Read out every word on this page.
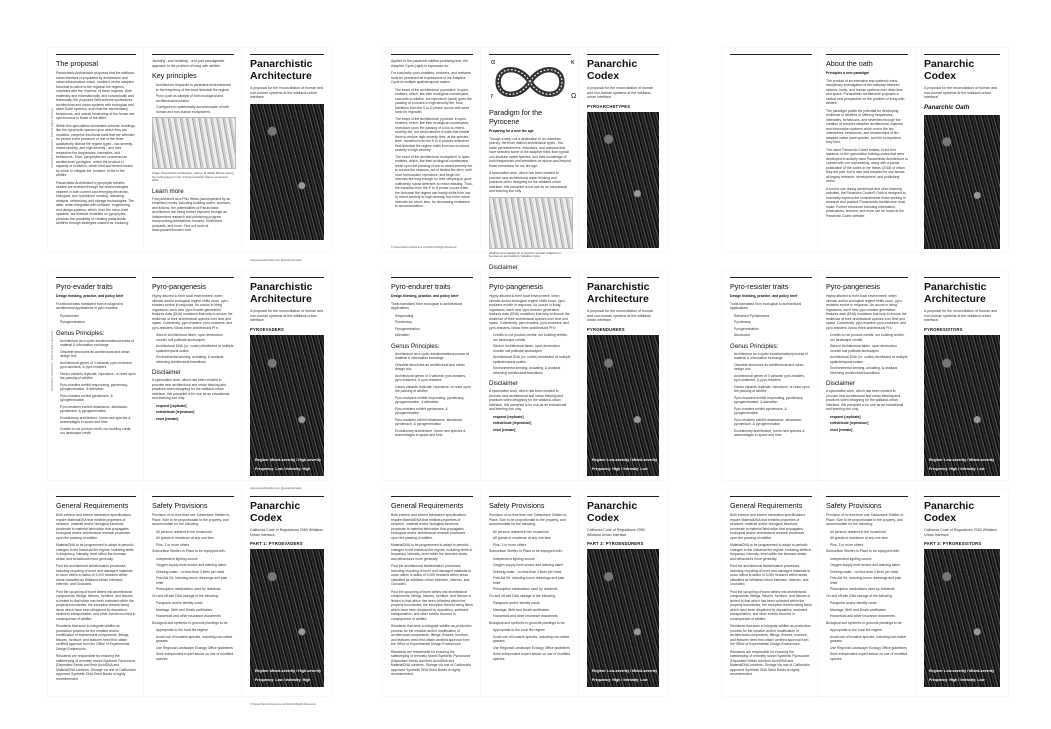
The proposal
Panarchistic Architecture proposes that the wildland-urban interface is populated by architecture and urban infrastructure which, modeled on the adapted flora that is native to the regional fire regimes, coexistes with the 'rhythms' of these regimes. Both materially and informationally, and conceptually and technically, the proposed Wild scheme synthesizes architectural and urban systems with ecological and wider Earth systems, such that the biochemistry, behaviours, and overall functioning of the former are synchronous to those of the latter.
Within this speculative biomimetic scheme, buildings, like the pyrophytic species upon which they are modeled, comprise functional traits that are selected for persist in the presence of one of the three qualitatively distinct fire regime types - low-severity, mixed-severity, and high-severity - and their respective fire frequencies, intensities, and behaviours. Thus, pyrophytes are conceived as architectural 'pyrotypes', which the product of capacity of evolution, which tried and tested means by which to mitigate the 'problem' of fire in the wildfire.
Panarchistic Architecture's pyrophytic mimetic studies are enabled through the biotechnologies inherent in both current and emerging electronic, biological, and 'hybridized' sensing, actuating, analysis, networking, and storage technologies. The latter, when integrated with software, engineering, and design systems, which, from the micro-level upwards, are likewise modelled on pyrophytes, presents the possibility of creating panarchistic wildfires through strategies classed as 'enduring',
Panarchistic Architecture - 2020 All Rights Reserved
'avoiding', and 'resisting' - a tri-part paradigmatic approach to the problem of living with wildfire.
Key principles
Architecture responds to persistent environmental to the frequency of the local historical fire regime.
Pyric cycle as catalyst of both ecological and architectural evolution.
Configured to systemically accommodate of both human and non-human ecosystems.
Image: Panarchistic Architecture. Gartner M (2020) Ritchie seeing the inviting layout in the of incremental fire Nature conference 2019.
Learn more
First published as a PhD thesis (accompanied by an exhibition) works 'including building codes, sciences, and fictions, the potentialities of Panarchistic Architecture are being further explored through an independent research and publishing program incorporating publications, lectures, exhibitions, podcasts, and more. Find out more at www.panarchiccodex.com.
Panarchistic Architecture
A proposal for the reconciliation of human and non-human systems at the wildland-urban interface.
www.panarchiccodex.com @panarchiccodex
Applied to the panarchic wildfire-persisting tree, the Adaptive Cycle (right) is expressed as:
For succinctly, pyro-enablers, endurers, and resisters must be perceived as expressions of the Adaptive Cycle of multiple spatiotemporal scales.
The exact of the architectural 'pyroriders' in open-endeers, which, like their ecological counterparts, succumb to wildfire, but reproduce (seed) given the pausing of a means to high-severity fire, thus, transition from the K to Ω phase occurs with seed bank for regrowth;
The exact of the architectural 'pyroiods' in open-endeers, which, like their ecological counterparts, reproduce upon the passing of a low-to-mixed-severity fire, but which absent of traits that enable them to endure high-severity fires, at the species-level, transition from the K to Ω phases whenever that historical fire regime shifts from low-to-mixed-severity to high-severity;
The exact of the architectural 'ecosystem' in open-endeers, which, like their ecological counterparts, resist upon the passing of low-to-mixed-severity fire to survive the seasons, but of limited fire-term, until once surrounded, reproduce, and begin the intervals are long enough for their offspring to grow sufficiently robust defenses to resist resisting. Thus, the transition from the K to Ω phase occurs when the historical fire regime can hardly shifts from low to mixed-severity to high-severity, but in the return intervals too short, also, for decreasing resistance to accommodation.
© Panarchistic Architecture Ltd 2020 All Rights Reserved
α	κ
r	Ω
Paradigm for the Pyrocene
Preparing for a new fire age
Though a step, not a destination in an uncertain journey, the three distinct architectural types - fire-scale pyroreinforcers, defensors, and resistors that have selected some of the adaptive traits from typical non-invasive native species, and their knowledge of both frequencies and intensities for above-and-beyond those formations for our fire age.
A speculative work, which has been created to provoke new architectural-urban thinking and practices-when designing for the wildland-urban interface, this pamphlet is not use as an educational and learning tool only.
Wildfires as a catalyst for ecosystem renewal: Adapted on Gunderson and Holling's 'Adaptive Cycle'.
Disclaimer
Panarchic Codex
A proposal for the reconciliation of human and non-human systems at the wildland-urban interface.
PYROARCHETYPES
About the oath
Principles a new paradigm
The product of an extensive and systemic trans-disciplinary investigation of the interplay between species, biotic, and human systems over deep time and space, Panarchistic Architecture proposes a radical new perspective on the problem of living with wildfire.
The paradigm posits the potential for developing resilience to wildfires of differing frequencies, intensities, behaviours, and severities through the creation of complex adaptive architectural, material, and information systems which mirror the bio-chemistries, behaviours, and relationships of fire-adapted native plant species, and the ecosystems they form.
The name Panarchic Codex relates, in the first instance, to the speculative building codes that were developed to actively have Panarchistic Architecture to coexist with one successfully, along with a partial publication of the codes in the thesis (2018) of which they are part, but is also was adopted for use across all legacy research, development, and publishing works.
A tool for use during workshops and other learning activities, the Panarchic Crutter® Oath is designed to succinctly express the commitments those seeking to research and practice Panarchistic Architecture must make. Further resources including information, publications, lectures, and more can be found at the Panarchic Codex website.
Panarchic Codex
A proposal for the reconciliation of human and non-human systems at the wildland-urban interface.
Panarchic Oath
Pyro-evader traits
Design thinking, practice, and policy brief
Functional traits translated from ecological to architectural applications in pyro-evaders
Pyrodormice
Pyrogermination
Genus Principles:
Architecture as a cyclic transformation/process of material & information exchange
Obsolete structures as architectural and urban design tool
Architectural genes of 3 variants: pyro-endurers, pyro-avoiders, & pyro-resisters
Genus variants replicate, reproduce, or reset upon the passing of wildfire
Pyro-evaders exhibit resprouting, pyrotenacy, pyrogermination, & alteration
Pyro-evaders exhibit pyrotenace, & pyrogermination
Pyro-resisters exhibit rebarkance, abscission, pyrotenace, & pyrogermination
Evolutionary architecture, forms new species & assemblages in space and time
Credits to not product credit, nor building credit, nor landscape credit
Panarchistic Architecture - 2020 All Rights Reserved
Pyro-pangenesis
Highly attuned to their local environment, when climatic and/or ecological regime shifts occur, pyro-evaders evolve in response. As occurs in living organisms, each new 'pyro-evader generation' features data (DNA) mutations that help to ensure the resilience of their architectural species over time and space. Collectively, pyro-evaders, pyro-endurers, and pyro-resisters, follow three architectural PI's:
Sites in Architectural fabric: upon destruction nourish soil pollinate landscapes
Architectural DNA (i.e. codex) distributed at multiple spatiotemporal scales
Environmental sensing, actuating, & analysis informing architectural transitions
Disclaimer
A speculative work, which has been created to provoke new architectural and urban thinking and practices when designing for the wildland-urban interface, this pamphlet is for use as an educational and learning tool only.
respond [replicate]
redistribute [reproduce]
reset [remain]
Panarchistic Architecture
A proposal for the reconciliation of human and non-human systems at the wildland-urban interface.
PYROEVADERS
Regime: Mixed-severity / High-severity
Frequency: Low / Intensity: High
www.panarchiccodex.com @panarchiccodex
Pyro-endurer traits
Design thinking, practice, and policy brief
Traits translated from ecological to architectural applications
Resprouting
Pyrotenacy
Pyrogermination
Alteration
Genus Principles:
Architecture as a cyclic transformation/process of material & information exchange
Obsolete structures as architectural and urban design tool
Architectural genes of 3 variants: pyro-evaders, pyro-endurers, & pyro-resisters
Genus variants replicate, reproduce, or reset upon the passing of wildfire
Pyro-endurers exhibit resprouting, pyrotenacy, pyrogermination, & alteration
Pyro-evaders exhibit pyrotenace, & pyrogermination
Pyro-resisters exhibit rebarkance, abscission, pyrotenace, & pyrogermination
Evolutionary architecture, forms new species & assemblages in space and time
Pyro-pangenesis
Highly attuned to their local environment, when climatic and/or ecological regime shifts occur, pyro-endurers evolve in response. As occurs in living organisms, each new 'pyro-endurer generation' features data (DNA) mutations that help to ensure the resilience of their architectural species over time and space. Collectively, pyro-evaders, pyro-endurers, and pyro-resisters, follow three architectural PI's:
Credits to not product credits, nor building credits, nor landscape credits
Sites in Architectural fabric: upon destruction nourish soil pollinate landscapes
Architectural DNA (i.e. codex) distributed at multiple spatiotemporal scales
Environmental sensing, actuating, & analysis informing architectural transitions
Disclaimer
A speculative work, which has been created to provoke new architectural and urban thinking and practices when designing for the wildland-urban interface, this pamphlet is for use as an educational and learning tool only.
respond [replicate]
redistribute [reproduce]
reset [remain]
Panarchistic Architecture
A proposal for the reconciliation of human and non-human systems at the wildland-urban interface.
PYROENDURERS
Regime: Low-severity / Mixed-severity
Frequency: High / Intensity: Low
Pyro-resister traits
Design thinking, practice, and policy brief
Traits translated from ecological to architectural applications
Rebarked Pyrosheaves
Pyrotenacy
Pyrogermination
Abscission
Genus Principles:
Architecture as a cyclic transformation/process of material & information exchange
Obsolete structures as architectural and urban design tool
Architectural genes of 3 variants: pyro-evaders, pyro-endurers, & pyro-resisters
Genus variants replicate, reproduce, or reset upon the passing of wildfire
Pyro-endurers exhibit resprouting, pyrotenacy, pyrogermination, & alteration
Pyro-evaders exhibit pyrotenace, & pyrogermination
Pyro-resisters exhibit rebarkance, abscission, pyrotenace, & pyrogermination
Evolutionary architecture, forms new species & assemblages in space and time
Pyro-pangenesis
Highly attuned to their local environment, when climatic and/or ecological regime shifts occur, pyro-resisters evolve in response. As occurs in living organisms, each new 'pyro-resister generation' features data (DNA) mutations that help to ensure the resilience of their architectural species over time and space. Collectively, pyro-evaders, pyro-endurers, and pyro-resisters, follow three architectural PI's:
Credits to not product credits, nor building credits, nor landscape credits
Sites in Architectural fabric: upon destruction nourish soil pollinate landscapes
Architectural DNA (i.e. codex) distributed at multiple spatiotemporal scales
Environmental sensing, actuating, & analysis informing architectural transitions
Disclaimer
A speculative work, which has been created to provoke new architectural and urban thinking and practices when designing for the wildland-urban interface, this pamphlet is for use as an educational and learning tool only.
respond [replicate]
redistribute [reproduce]
reset [remain]
Panarchistic Architecture
A proposal for the reconciliation of human and non-human systems at the wildland-urban interface.
PYRORESISTORS
Regime: Low-severity / Mixed-severity
Frequency: High / Intensity: Low
General Requirements
Both exterior and interior fabrication specifications require MaterialDNA that exhibits properties of structure, material and/or biological functions proximate to material fabrication that propagates ecological and/or architectural renewal processes upon the passing of wildfire.
MaterialDNA to be programmed to adapt to periodic changes to the historical fire regime, including shifts in frequency, intensity, level within the biomass strata, and behaviours more generally.
Post the architectural biofabrication processes, including recycling of burnt and damaged materials to occur within a radius of 3,000 hectares within areas classified as Wildland-Urban Interface, Intermix, and Occluded.
Post the upcycling of burnt debris into architectural components, fittings, fixtures, furniture, and fixtures is limited to that which has been collected within the property boundaries, the exception thereto being items which have been displaced by deposition, sediment transportation, and other events incurred in consequence of wildfire.
Residents that seek to integrate wildfire as production process for the creation and/or modification of architectural components, fittings, fixtures, furniture, and features need first obtain certified approval from the Office of Experimental Design Endeavours.
Residents are responsible for ensuring the safekeeping of remotely stored Synthetic Pyrosource (Deposited Seeds and their ArchiDNA and MaterialDNA contents. Storage via one of California's approved Synthetic DNA Seed Banks is highly recommended.
Safety Provisions
Provision of no less than one Subsurface Shelter-in-Place. Size to be proportionate to the property, and accommodate for the following:
All persons resident in the household
All guests in residence at any one time
Plus, 3 or more others
Subsurface Shelter-in-Place to be equipped with:
Independent lighting source
Oxygen supply level sensor and warning alarm
Drinking water - no less than 3 litres per head
First Aid Kit, including burns dressings and pain relief
Prescription medications used by residents
On and off-site DNA storage of the following:
Passports and/or identity cards
Marriage, Birth and Death certificates
Household and other insurance documents
Biological and synthetic in-grounds plantings to be:
Appropriate to the local fire regime
Avoid use of invasive species, including non-native grasses
Use Regional Landscape Ecology Office guidelines
Seek independent expert advice on use of modified species
Panarchic Codex
California Code of Regulations 2050 Wildland Urban Interface
PART 1: PYROEVADERS
Regime: Mixed-severity / High-severity
Frequency: Low / Intensity: High
© Panarchistic Architecture Ltd 2020 All Rights Reserved
General Requirements
Both exterior and interior fabrication specifications require MaterialDNA that exhibits properties of structure, material and/or biological functions proximate to material fabrication that propagates ecological and/or architectural renewal processes upon the passing of wildfire.
MaterialDNA to be programmed to adapt to periodic changes to the historical fire regime, including shifts in frequency, intensity, level within the biomass strata, and behaviours more generally.
Post the architectural biofabrication processes, including recycling of burnt and damaged materials to occur within a radius of 3,000 hectares within areas classified as Wildland-Urban Interface, Intermix, and Occluded.
Post the upcycling of burnt debris into architectural components, fittings, fixtures, furniture, and fixtures is limited to that which has been collected within the property boundaries, the exception thereto being items which have been displaced by deposition, sediment transportation, and other events incurred in consequence of wildfire.
Residents that seek to integrate wildfire as production process for the creation and/or modification of architectural components, fittings, fixtures, furniture, and features need first obtain certified approval from the Office of Experimental Design Endeavours.
Residents are responsible for ensuring the safekeeping of remotely stored Synthetic Pyrosource (Deposited Seeds and their ArchiDNA and MaterialDNA contents. Storage via one of California's approved Synthetic DNA Seed Banks is highly recommended.
Safety Provisions
Provision of no less than one Subsurface Shelter-in-Place. Size to be proportionate to the property, and accommodate for the following:
All persons resident in the household
All guests in residence at any one time
Plus, 3 or more others
Subsurface Shelter-in-Place to be equipped with:
Independent lighting source
Oxygen supply level sensor and warning alarm
Drinking water - no less than 3 litres per head
First Aid Kit, including burns dressings and pain relief
Prescription medications used by residents
On and off-site DNA storage of the following:
Passports and/or identity cards
Marriage, Birth and Death certificates
Household and other insurance documents
Biological and synthetic in-grounds plantings to be:
Appropriate to the local fire regime
Avoid use of invasive species, including non-native grasses
Use Regional Landscape Ecology Office guidelines
Seek independent expert advice on use of modified species
Panarchic Codex
California Code of Regulations 2050 Wildland Urban Interface
PART 2: PYROENDURERS
Regime: Low-severity / Mixed-severity
Frequency: High / Intensity: Low
General Requirements
Both exterior and interior fabrication specifications require MaterialDNA that exhibits properties of structure, material and/or biological functions proximate to material fabrication that propagates ecological and/or architectural renewal processes upon the passing of wildfire.
MaterialDNA to be programmed to adapt to periodic changes to the historical fire regime, including shifts in frequency, intensity, level within the biomass strata, and behaviours more generally.
Post the architectural biofabrication processes, including recycling of burnt and damaged materials to occur within a radius of 3,000 hectares within areas classified as Wildland-Urban Interface, Intermix, and Occluded.
Post the upcycling of burnt debris into architectural components, fittings, fixtures, furniture, and fixtures is limited to that which has been collected within the property boundaries, the exception thereto being items which have been displaced by deposition, sediment transportation, and other events incurred in consequence of wildfire.
Residents that seek to integrate wildfire as production process for the creation and/or modification of architectural components, fittings, fixtures, furniture, and features need first obtain certified approval from the Office of Experimental Design Endeavours.
Residents are responsible for ensuring the safekeeping of remotely stored Synthetic Pyrosource (Deposited Seeds and their ArchiDNA and MaterialDNA contents. Storage via one of California's approved Synthetic DNA Seed Banks is highly recommended.
Safety Provisions
Provision of no less than one Subsurface Shelter-in-Place. Size to be proportionate to the property, and accommodate for the following:
All persons resident in the household
All guests in residence at any one time
Plus, 3 or more others
Subsurface Shelter-in-Place to be equipped with:
Independent lighting source
Oxygen supply level sensor and warning alarm
Drinking water - no less than 3 litres per head
First Aid Kit, including burns dressings and pain relief
Prescription medications used by residents
On and off-site DNA storage of the following:
Passports and/or identity cards
Marriage, Birth and Death certificates
Household and other insurance documents
Biological and synthetic in-grounds plantings to be:
Appropriate to the local fire regime
Avoid use of invasive species, including non-native grasses
Use Regional Landscape Ecology Office guidelines
Seek independent expert advice on use of modified species
Panarchic Codex
California Code of Regulations 2050 Wildland Urban Interface
PART 3: PYRORESISTORS
Regime: Low-severity / Mixed-severity
Frequency: High / Intensity: Low
